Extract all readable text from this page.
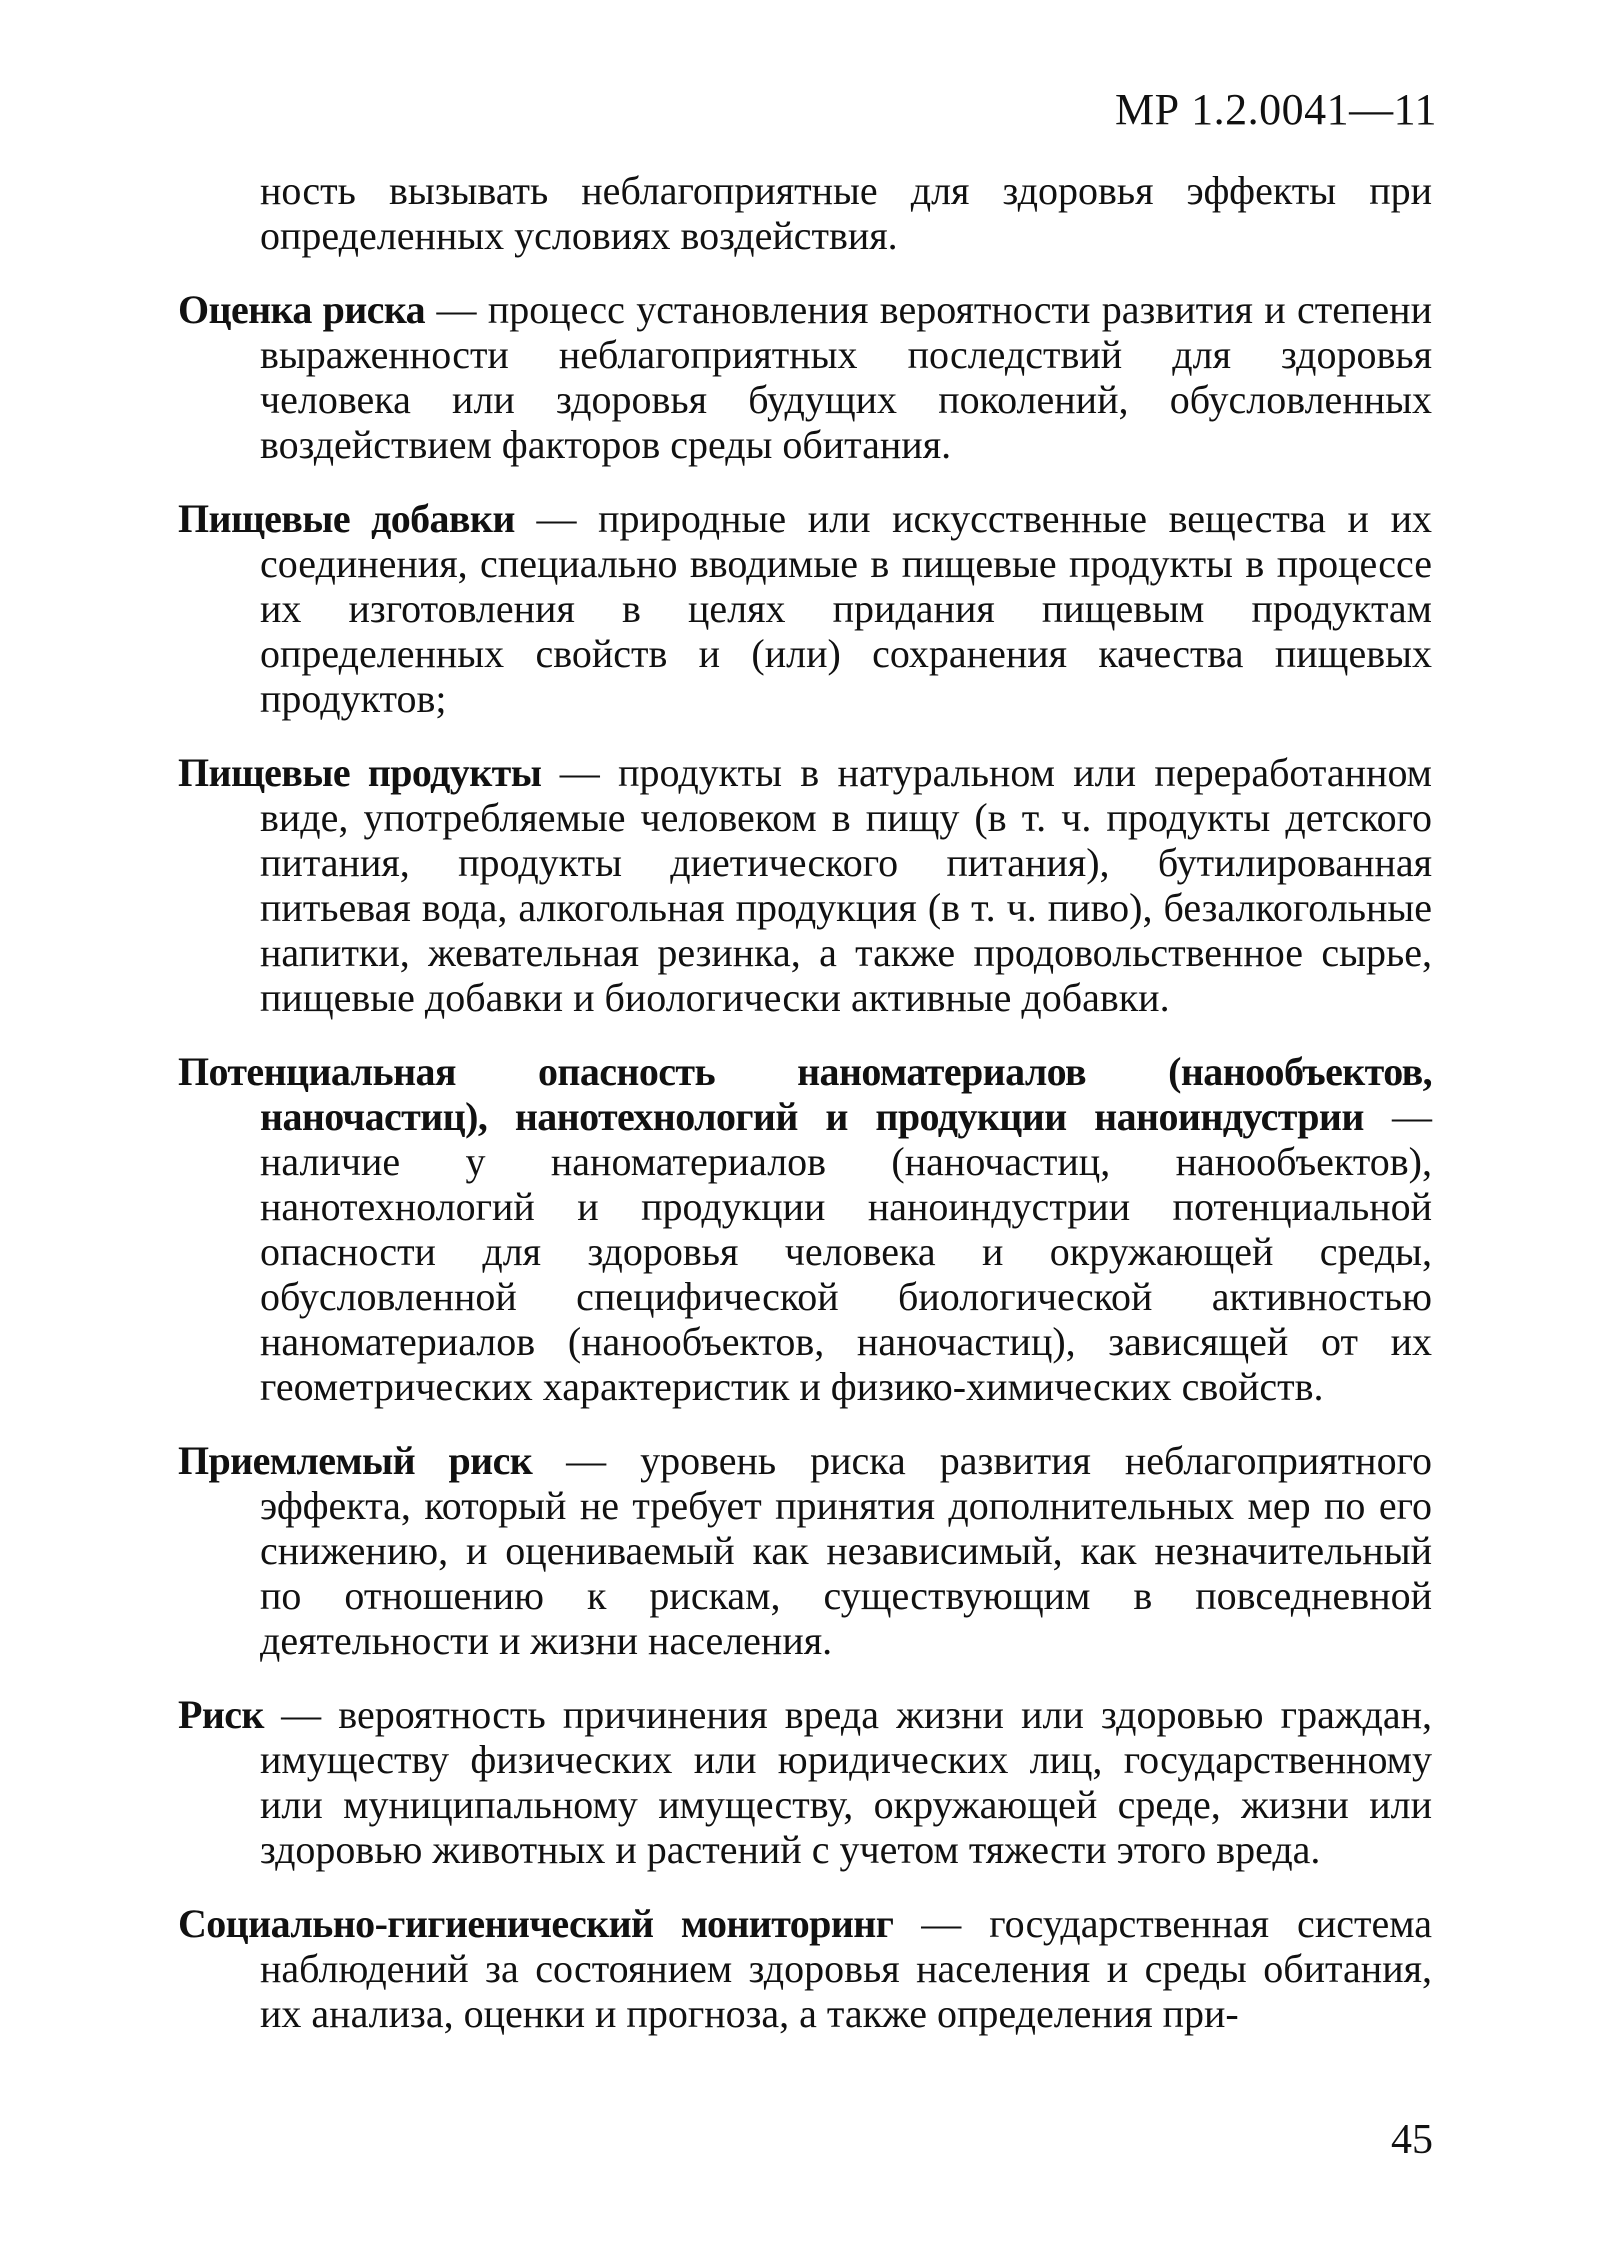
МР 1.2.0041—11

ность вызывать неблагоприятные для здоровья эффекты при определенных условиях воздействия.

Оценка риска — процесс установления вероятности развития и степени выраженности неблагоприятных последствий для здоровья человека или здоровья будущих поколений, обусловленных воздействием факторов среды обитания.

Пищевые добавки — природные или искусственные вещества и их соединения, специально вводимые в пищевые продукты в процессе их изготовления в целях придания пищевым продуктам определенных свойств и (или) сохранения качества пищевых продуктов;

Пищевые продукты — продукты в натуральном или переработанном виде, употребляемые человеком в пищу (в т. ч. продукты детского питания, продукты диетического питания), бутилированная питьевая вода, алкогольная продукция (в т. ч. пиво), безалкогольные напитки, жевательная резинка, а также продовольственное сырье, пищевые добавки и биологически активные добавки.

Потенциальная опасность наноматериалов (нанообъектов, наночастиц), нанотехнологий и продукции наноиндустрии — наличие у наноматериалов (наночастиц, нанообъектов), нанотехнологий и продукции наноиндустрии потенциальной опасности для здоровья человека и окружающей среды, обусловленной специфической биологической активностью наноматериалов (нанообъектов, наночастиц), зависящей от их геометрических характеристик и физико-химических свойств.

Приемлемый риск — уровень риска развития неблагоприятного эффекта, который не требует принятия дополнительных мер по его снижению, и оцениваемый как независимый, как незначительный по отношению к рискам, существующим в повседневной деятельности и жизни населения.

Риск — вероятность причинения вреда жизни или здоровью граждан, имуществу физических или юридических лиц, государственному или муниципальному имуществу, окружающей среде, жизни или здоровью животных и растений с учетом тяжести этого вреда.

Социально-гигиенический мониторинг — государственная система наблюдений за состоянием здоровья населения и среды обитания, их анализа, оценки и прогноза, а также определения при-

45
